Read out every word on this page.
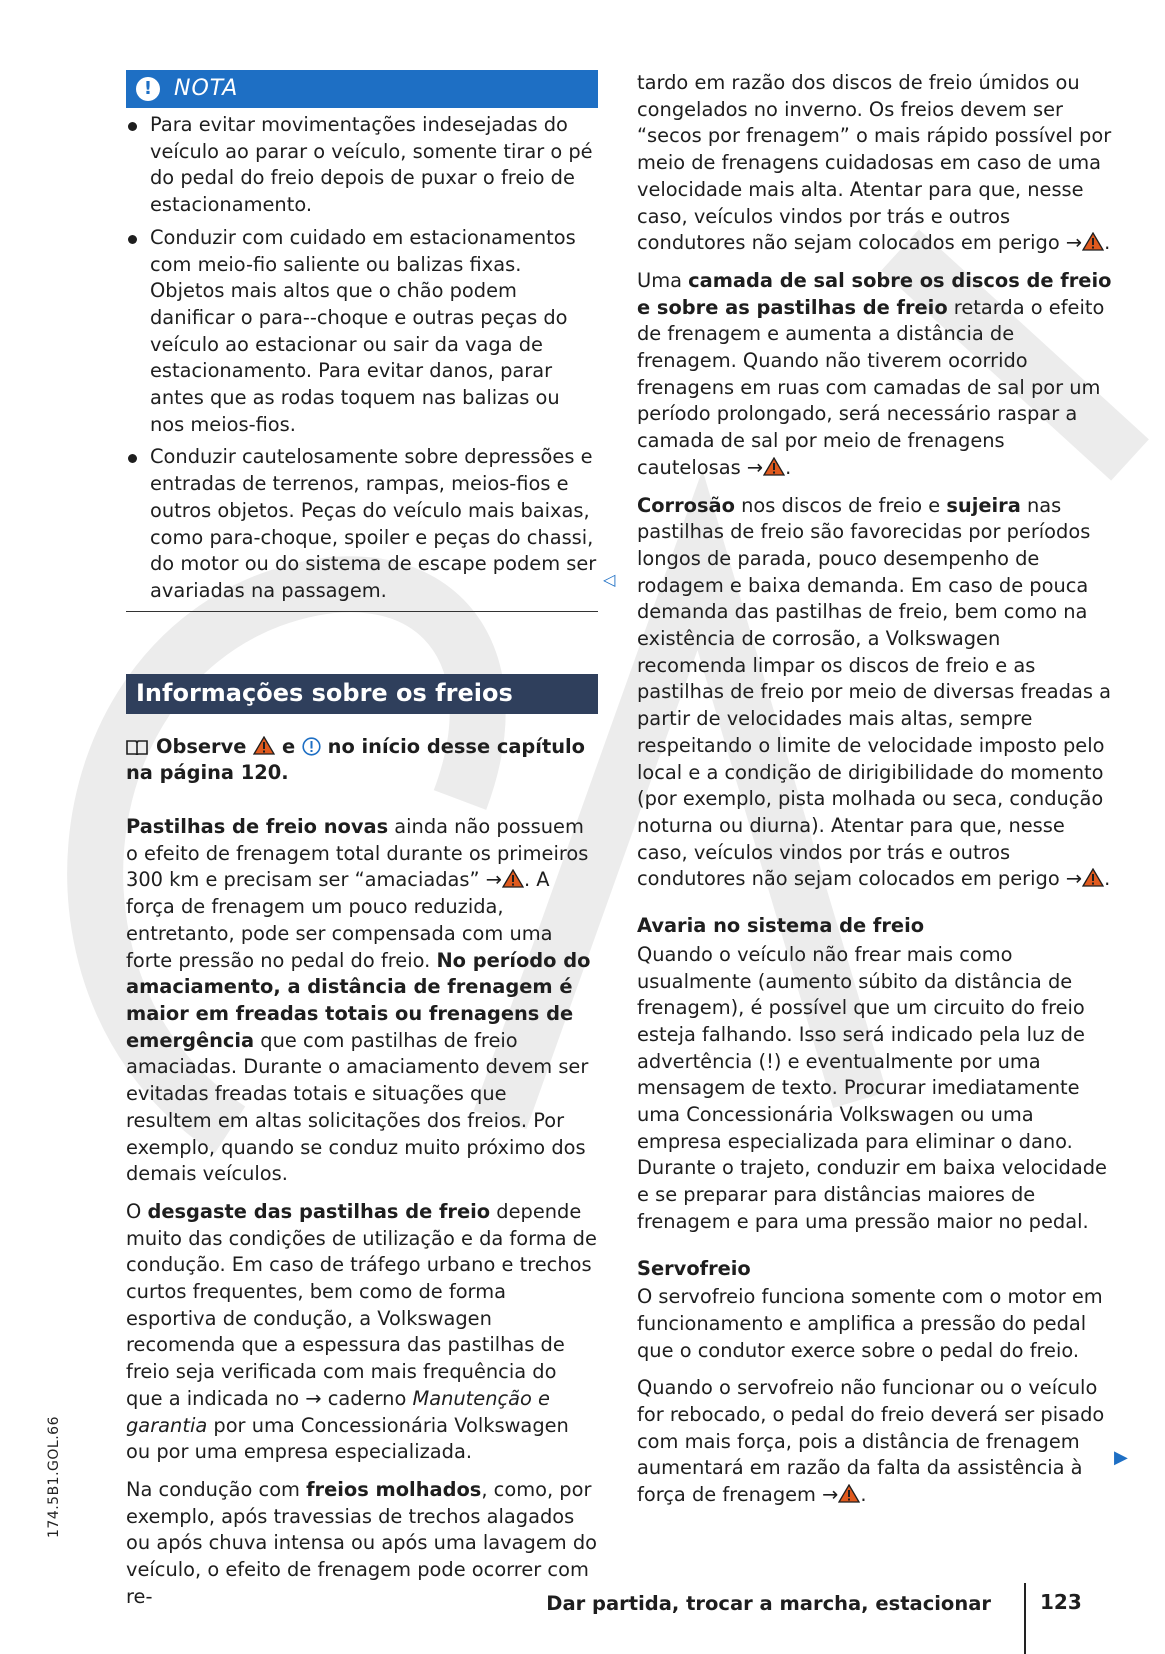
! NOTA
Para evitar movimentações indesejadas do veículo ao parar o veículo, somente tirar o pé do pedal do freio depois de puxar o freio de estacionamento.
Conduzir com cuidado em estacionamentos com meio-fio saliente ou balizas fixas. Objetos mais altos que o chão podem danificar o para--choque e outras peças do veículo ao estacionar ou sair da vaga de estacionamento. Para evitar danos, parar antes que as rodas toquem nas balizas ou nos meios-fios.
Conduzir cautelosamente sobre depressões e entradas de terrenos, rampas, meios-fios e outros objetos. Peças do veículo mais baixas, como para-choque, spoiler e peças do chassi, do motor ou do sistema de escape podem ser avariadas na passagem.
Informações sobre os freios
Observe e no início desse capítulo na página 120.

Pastilhas de freio novas ainda não possuem o efeito de frenagem total durante os primeiros 300 km e precisam ser “amaciadas” → . A força de frenagem um pouco reduzida, entretanto, pode ser compensada com uma forte pressão no pedal do freio. No período do amaciamento, a distância de frenagem é maior em freadas totais ou frenagens de emergência que com pastilhas de freio amaciadas. Durante o amaciamento devem ser evitadas freadas totais e situações que resultem em altas solicitações dos freios. Por exemplo, quando se conduz muito próximo dos demais veículos.

O desgaste das pastilhas de freio depende muito das condições de utilização e da forma de condução. Em caso de tráfego urbano e trechos curtos frequentes, bem como de forma esportiva de condução, a Volkswagen recomenda que a espessura das pastilhas de freio seja verificada com mais frequência do que a indicada no → caderno Manutenção e garantia por uma Concessionária Volkswagen ou por uma empresa especializada.

Na condução com freios molhados, como, por exemplo, após travessias de trechos alagados ou após chuva intensa ou após uma lavagem do veículo, o efeito de frenagem pode ocorrer com re-

◁

tardo em razão dos discos de freio úmidos ou congelados no inverno. Os freios devem ser “secos por frenagem” o mais rápido possível por meio de frenagens cuidadosas em caso de uma velocidade mais alta. Atentar para que, nesse caso, veículos vindos por trás e outros condutores não sejam colocados em perigo → .

Uma camada de sal sobre os discos de freio e sobre as pastilhas de freio retarda o efeito de frenagem e aumenta a distância de frenagem. Quando não tiverem ocorrido frenagens em ruas com camadas de sal por um período prolongado, será necessário raspar a camada de sal por meio de frenagens cautelosas → .

Corrosão nos discos de freio e sujeira nas pastilhas de freio são favorecidas por períodos longos de parada, pouco desempenho de rodagem e baixa demanda. Em caso de pouca demanda das pastilhas de freio, bem como na existência de corrosão, a Volkswagen recomenda limpar os discos de freio e as pastilhas de freio por meio de diversas freadas a partir de velocidades mais altas, sempre respeitando o limite de velocidade imposto pelo local e a condição de dirigibilidade do momento (por exemplo, pista molhada ou seca, condução noturna ou diurna). Atentar para que, nesse caso, veículos vindos por trás e outros condutores não sejam colocados em perigo → .

Avaria no sistema de freio

Quando o veículo não frear mais como usualmente (aumento súbito da distância de frenagem), é possível que um circuito do freio esteja falhando. Isso será indicado pela luz de advertência (!) e eventualmente por uma mensagem de texto. Procurar imediatamente uma Concessionária Volkswagen ou uma empresa especializada para eliminar o dano. Durante o trajeto, conduzir em baixa velocidade e se preparar para distâncias maiores de frenagem e para uma pressão maior no pedal.

Servofreio

O servofreio funciona somente com o motor em funcionamento e amplifica a pressão do pedal que o condutor exerce sobre o pedal do freio.

Quando o servofreio não funcionar ou o veículo for rebocado, o pedal do freio deverá ser pisado com mais força, pois a distância de frenagem aumentará em razão da falta da assistência à força de frenagem → .

▶
174.5B1.GOL.66
Dar partida, trocar a marcha, estacionar 123
